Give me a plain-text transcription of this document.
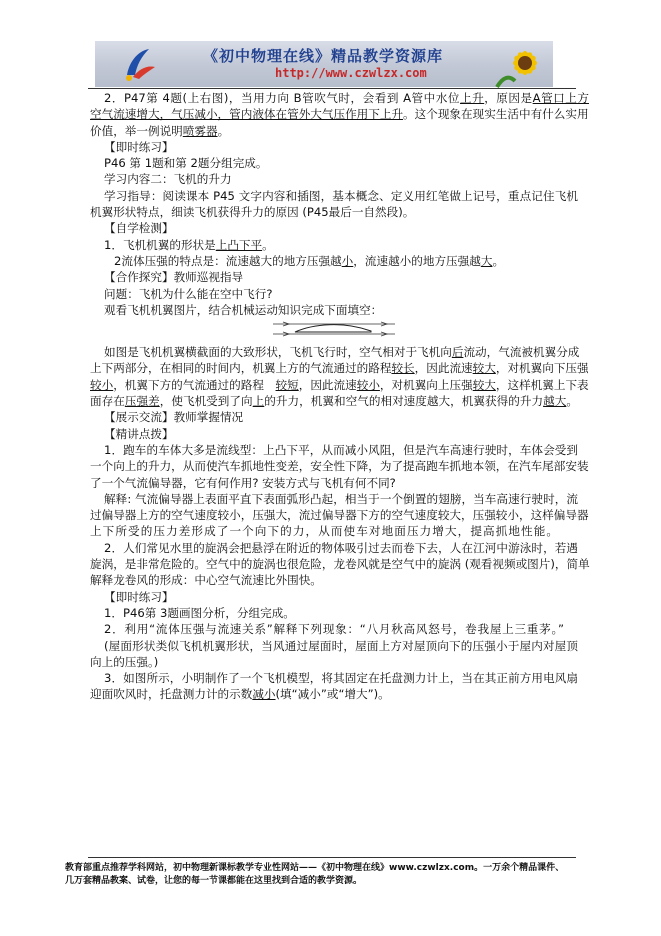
《初中物理在线》精品教学资源库
http://www.czwlzx.com
2．P47第 4题(上右图)，当用力向 B管吹气时，会看到 A管中水位上升，原因是A管口上方
空气流速增大，气压减小，管内液体在管外大气压作用下上升。这个现象在现实生活中有什么实用
价值，举一例说明喷雾器。
【即时练习】
P46 第 1题和第 2题分组完成。
学习内容二：飞机的升力
学习指导：阅读课本 P45 文字内容和插图，基本概念、定义用红笔做上记号，重点记住飞机
机翼形状特点，细读飞机获得升力的原因 (P45最后一自然段)。
【自学检测】
1．飞机机翼的形状是上凸下平。
2流体压强的特点是：流速越大的地方压强越小，流速越小的地方压强越大。
【合作探究】教师巡视指导
问题：飞机为什么能在空中飞行?
观看飞机机翼图片，结合机械运动知识完成下面填空：
如图是飞机机翼横截面的大致形状，飞机飞行时，空气相对于飞机向后流动，气流被机翼分成
上下两部分，在相同的时间内，机翼上方的气流通过的路程较长，因此流速较大，对机翼向下压强
较小，机翼下方的气流通过的路程　较短，因此流速较小，对机翼向上压强较大，这样机翼上下表
面存在压强差，使飞机受到了向上的升力，机翼和空气的相对速度越大，机翼获得的升力越大。
【展示交流】教师掌握情况
【精讲点拨】
1．跑车的车体大多是流线型：上凸下平，从而减小风阻，但是汽车高速行驶时，车体会受到
一个向上的升力，从而使汽车抓地性变差，安全性下降，为了提高跑车抓地本领，在汽车尾部安装
了一个气流偏导器，它有何作用? 安装方式与飞机有何不同?
解释: 气流偏导器上表面平直下表面弧形凸起，相当于一个倒置的翅膀，当车高速行驶时，流
过偏导器上方的空气速度较小，压强大，流过偏导器下方的空气速度较大，压强较小，这样偏导器
上下所受的压力差形成了一个向下的力，从而使车对地面压力增大，提高抓地性能。
2．人们常见水里的旋涡会把悬浮在附近的物体吸引过去而卷下去，人在江河中游泳时，若遇
旋涡，是非常危险的。空气中的旋涡也很危险，龙卷风就是空气中的旋涡 (观看视频或图片)，简单
解释龙卷风的形成：中心空气流速比外围快。
【即时练习】
1．P46第 3题画图分析，分组完成。
2．利用“流体压强与流速关系”解释下列现象：“八月秋高风怒号，卷我屋上三重茅。”
(屋面形状类似飞机机翼形状，当风通过屋面时，屋面上方对屋顶向下的压强小于屋内对屋顶
向上的压强。)
3．如图所示，小明制作了一个飞机模型，将其固定在托盘测力计上，当在其正前方用电风扇
迎面吹风时，托盘测力计的示数减小(填“减小”或“增大”)。
教育部重点推荐学科网站，初中物理新课标教学专业性网站——《初中物理在线》www.czwlzx.com。一万余个精品课件、
几万套精品教案、试卷，让您的每一节课都能在这里找到合适的教学资源。
